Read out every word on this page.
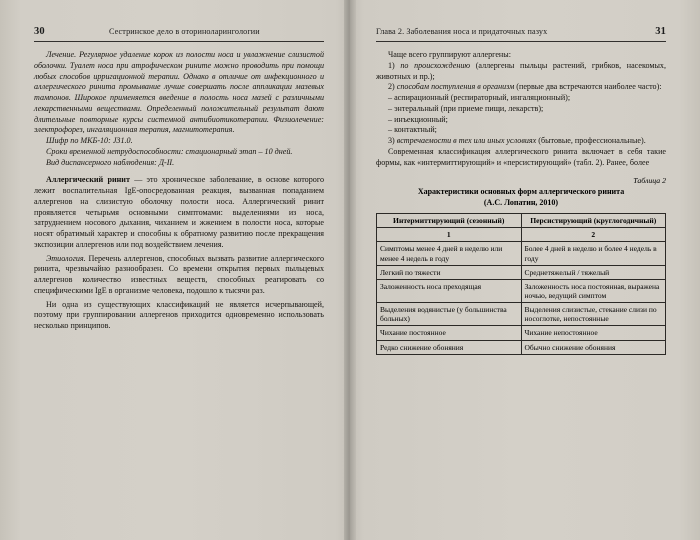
30	Сестринское дело в оториноларингологии

Лечение. Регулярное удаление корок из полости носа и увлажнение слизистой оболочки. Туалет носа при атрофическом рините можно проводить при помощи любых способов ирригационной терапии. Однако в отличие от инфекционного и аллергического ринита промывание лучше совершать после аппликации мазевых тампонов. Широкое применяется введение в полость носа мазей с различными лекарственными веществами. Определенный положительный результат дают длительные повторные курсы системной антибиотикотерапии. Физиолечение: электрофорез, ингаляционная терапия, магнитотерапия.

Шифр по МКБ-10: J31.0.

Сроки временной нетрудоспособности: стационарный этап – 10 дней.

Вид диспансерного наблюдения: Д-II.

Аллергический ринит — это хроническое заболевание, в основе которого лежит воспалительная IgE-опосредованная реакция, вызванная попаданием аллергенов на слизистую оболочку полости носа. Аллергический ринит проявляется четырьмя основными симптомами: выделениями из носа, затруднением носового дыхания, чиханием и жжением в полости носа, которые носят обратимый характер и способны к обратному развитию после прекращения экспозиции аллергенов или под воздействием лечения.

Этиология. Перечень аллергенов, способных вызвать развитие аллергического ринита, чрезвычайно разнообразен. Со времени открытия первых пыльцевых аллергенов количество известных веществ, способных реагировать со специфическими IgE в организме человека, подошло к тысячи раз.

Ни одна из существующих классификаций не является исчерпывающей, поэтому при группировании аллергенов приходится одновременно использовать несколько принципов.

Глава 2. Заболевания носа и придаточных пазух	31

Чаще всего группируют аллергены:

1) по происхождению (аллергены пыльцы растений, грибков, насекомых, животных и пр.);

2) способам поступления в организм (первые два встречаются наиболее часто):

– аспирационный (респираторный, ингаляционный);

– энтеральный (при приеме пищи, лекарств);

– инъекционный;

– контактный;

3) встречаемости в тех или иных условиях (бытовые, профессиональные).

Современная классификация аллергического ринита включает в себя такие формы, как «интермиттирующий» и «персистирующий» (табл. 2). Ранее, более

Таблица 2
Характеристики основных форм аллергического ринита
(А.С. Лопатин, 2010)
Интермиттирующий (сезонный)	Персистирующий (круглогодичный)
1	2
Симптомы менее 4 дней в неделю или менее 4 недель в году	Более 4 дней в неделю и более 4 недель в году
Легкий по тяжести	Среднетяжелый / тяжелый
Заложенность носа преходящая	Заложенность носа постоянная, выражена ночью, ведущий симптом
Выделения водянистые (у большинства больных)	Выделения слизистые, стекание слизи по носоглотке, непостоянные
Чихание постоянное	Чихание непостоянное
Редко снижение обоняния	Обычно снижение обоняния
